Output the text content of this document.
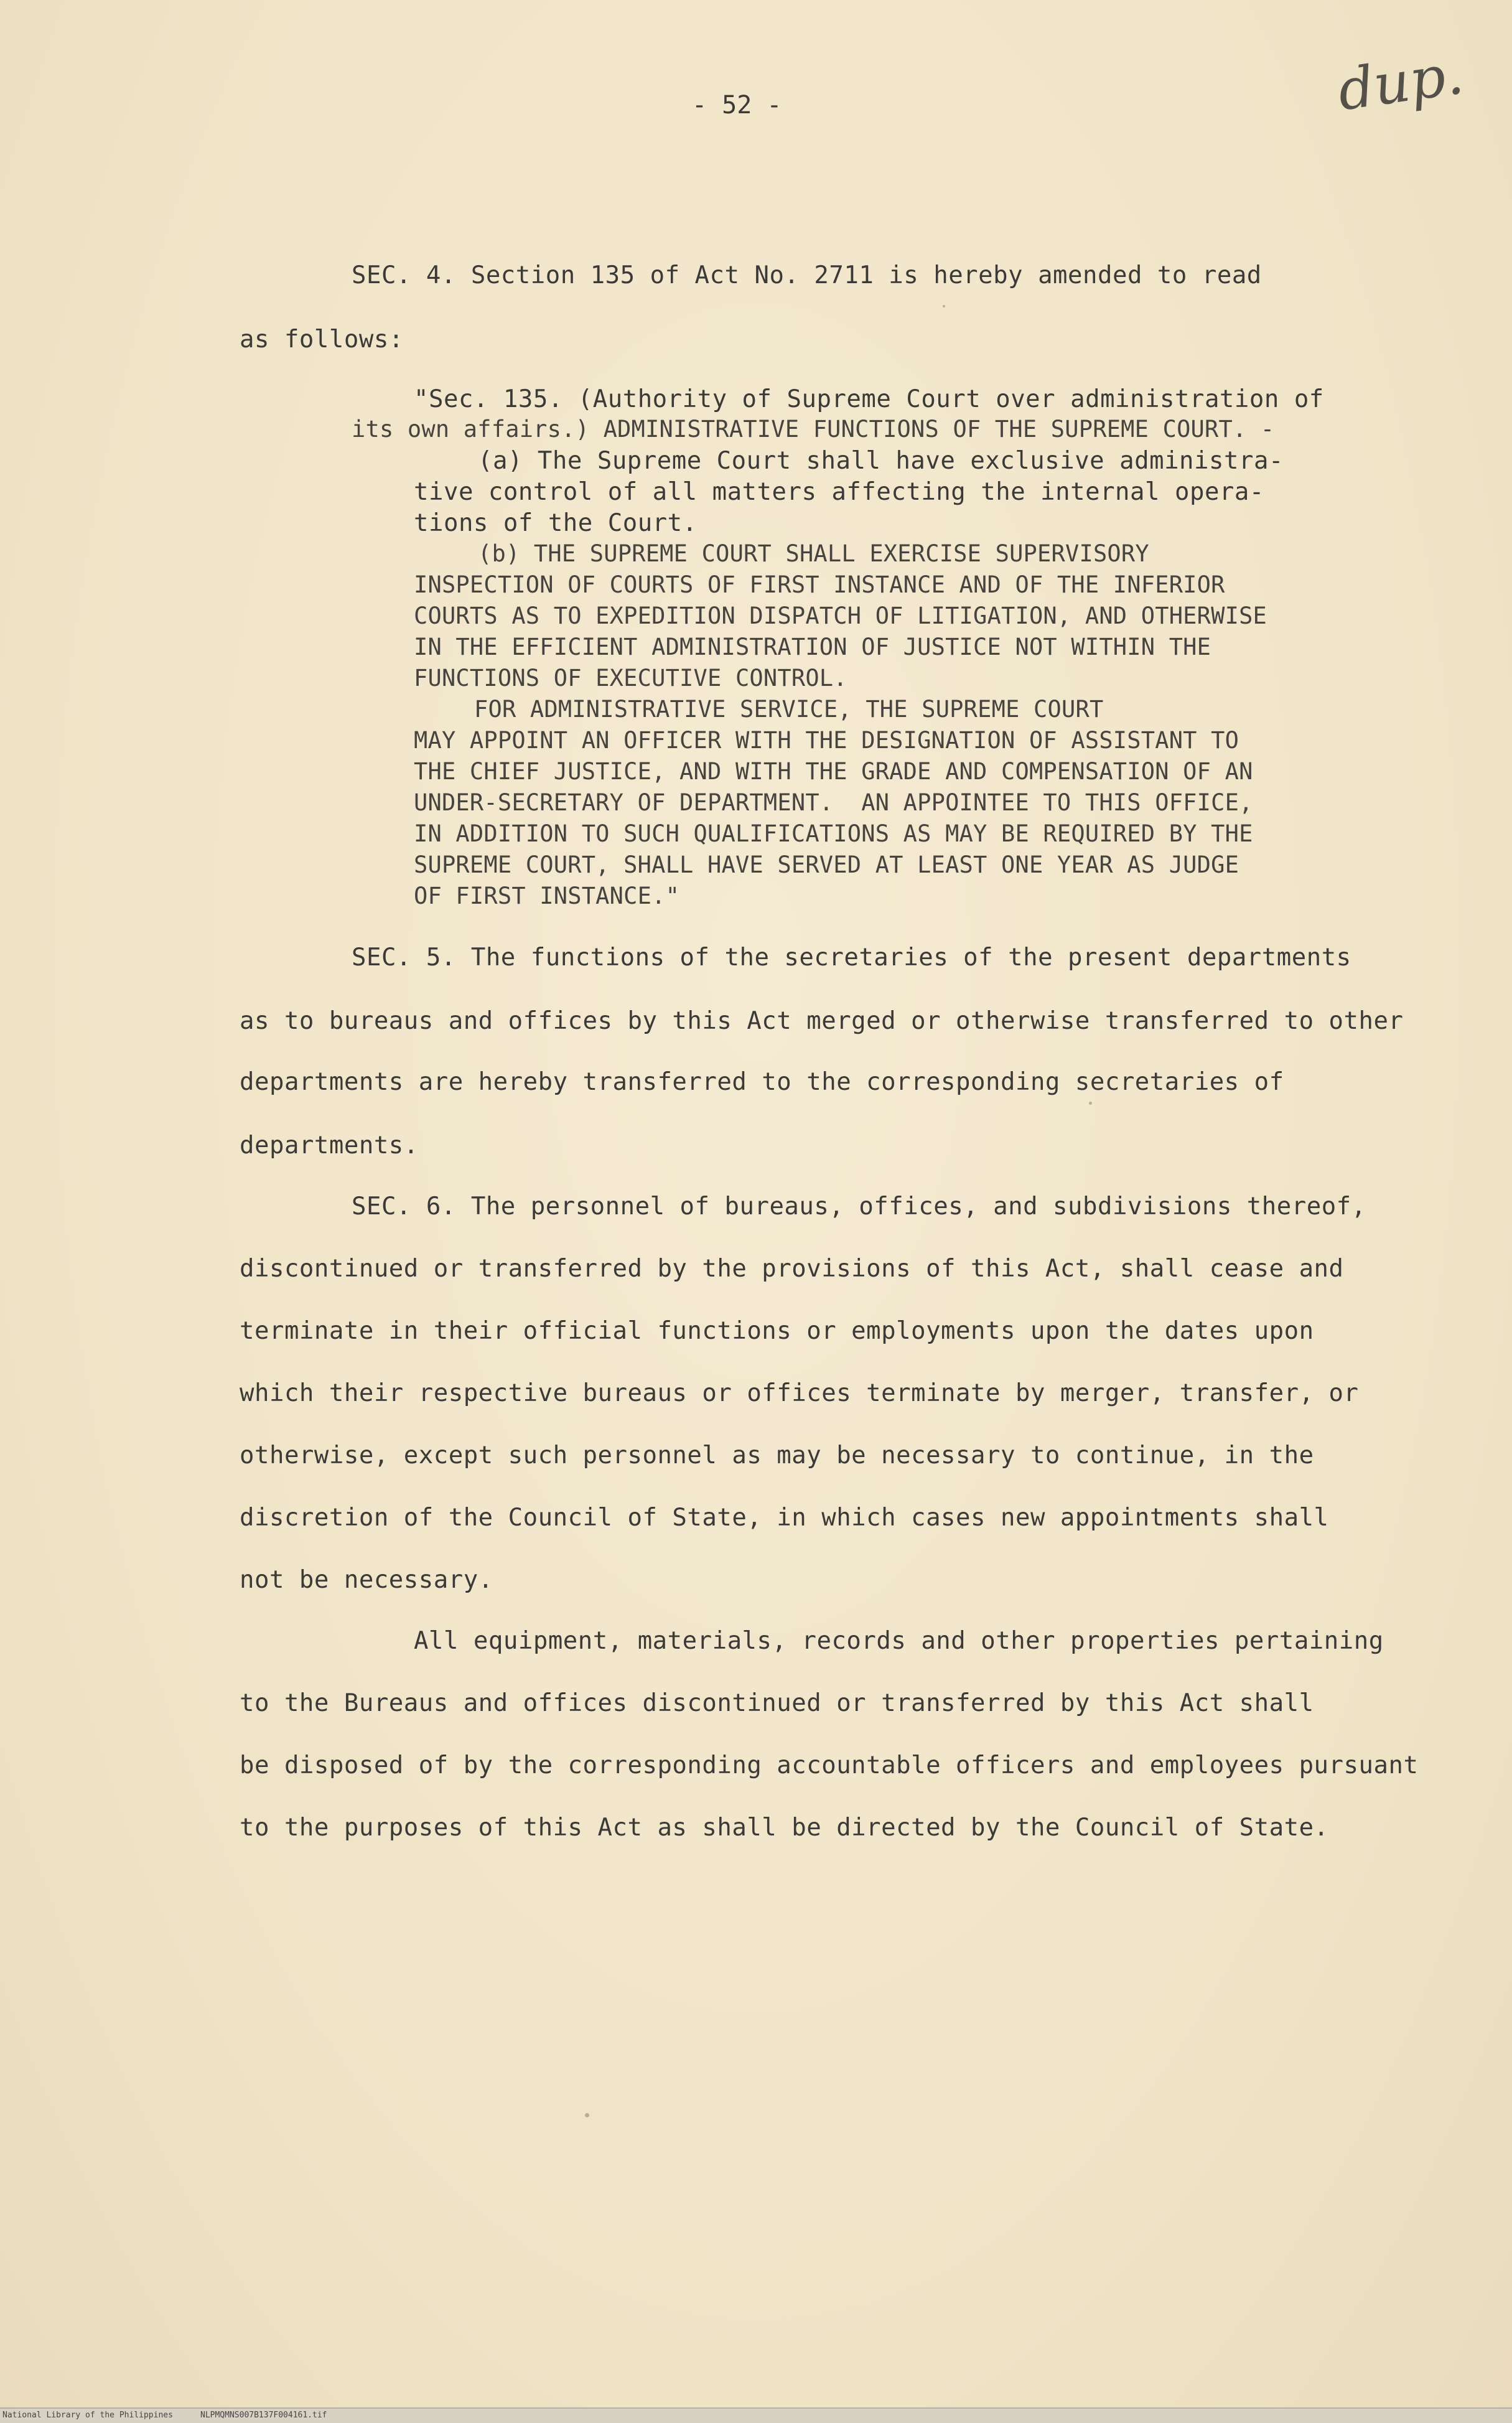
- 52 -	dup.
SEC. 4. Section 135 of Act No. 2711 is hereby amended to read
as follows:
"Sec. 135. (Authority of Supreme Court over administration of
its own affairs.) ADMINISTRATIVE FUNCTIONS OF THE SUPREME COURT. -
(a) The Supreme Court shall have exclusive administra-
tive control of all matters affecting the internal opera-
tions of the Court.
(b) THE SUPREME COURT SHALL EXERCISE SUPERVISORY
INSPECTION OF COURTS OF FIRST INSTANCE AND OF THE INFERIOR
COURTS AS TO EXPEDITION DISPATCH OF LITIGATION, AND OTHERWISE
IN THE EFFICIENT ADMINISTRATION OF JUSTICE NOT WITHIN THE
FUNCTIONS OF EXECUTIVE CONTROL.
FOR ADMINISTRATIVE SERVICE, THE SUPREME COURT
MAY APPOINT AN OFFICER WITH THE DESIGNATION OF ASSISTANT TO
THE CHIEF JUSTICE, AND WITH THE GRADE AND COMPENSATION OF AN
UNDER-SECRETARY OF DEPARTMENT.  AN APPOINTEE TO THIS OFFICE,
IN ADDITION TO SUCH QUALIFICATIONS AS MAY BE REQUIRED BY THE
SUPREME COURT, SHALL HAVE SERVED AT LEAST ONE YEAR AS JUDGE
OF FIRST INSTANCE."
SEC. 5. The functions of the secretaries of the present departments
as to bureaus and offices by this Act merged or otherwise transferred to other
departments are hereby transferred to the corresponding secretaries of
departments.
SEC. 6. The personnel of bureaus, offices, and subdivisions thereof,
discontinued or transferred by the provisions of this Act, shall cease and
terminate in their official functions or employments upon the dates upon
which their respective bureaus or offices terminate by merger, transfer, or
otherwise, except such personnel as may be necessary to continue, in the
discretion of the Council of State, in which cases new appointments shall
not be necessary.
All equipment, materials, records and other properties pertaining
to the Bureaus and offices discontinued or transferred by this Act shall
be disposed of by the corresponding accountable officers and employees pursuant
to the purposes of this Act as shall be directed by the Council of State.
National Library of the Philippines	NLPMQMNS007B137F004161.tif
